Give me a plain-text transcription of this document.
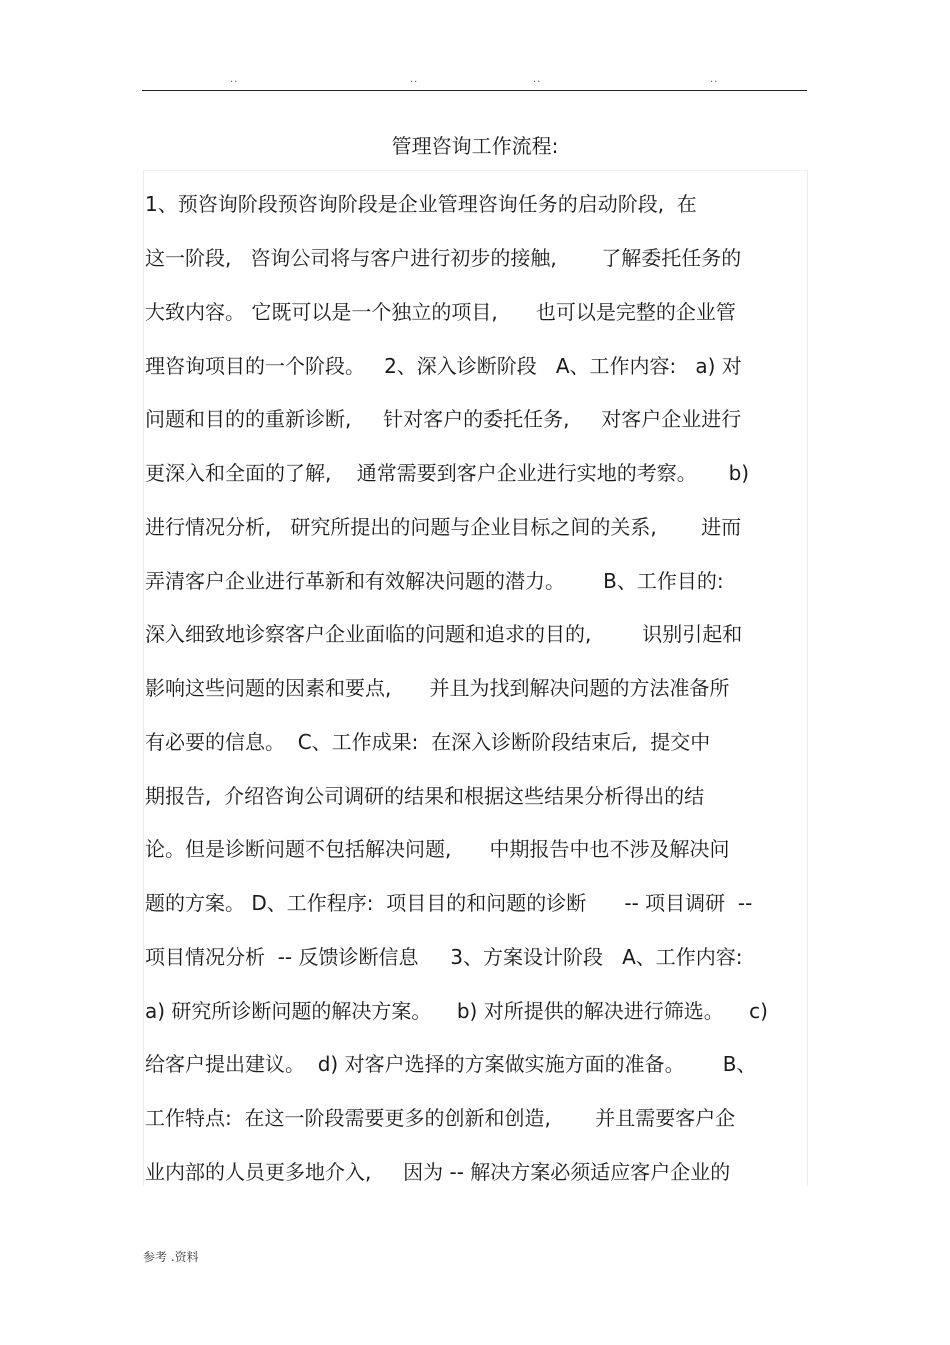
..	..	..	..
管理咨询工作流程:
1、预咨询阶段预咨询阶段是企业管理咨询任务的启动阶段,  在
这一阶段,   咨询公司将与客户进行初步的接触,       了解委托任务的
大致内容。 它既可以是一个独立的项目,      也可以是完整的企业管
理咨询项目的一个阶段。   2、深入诊断阶段   A、工作内容:   a) 对
问题和目的的重新诊断,     针对客户的委托任务,     对客户企业进行
更深入和全面的了解,    通常需要到客户企业进行实地的考察。     b)
进行情况分析,   研究所提出的问题与企业目标之间的关系,       进而
弄清客户企业进行革新和有效解决问题的潜力。      B、工作目的:
深入细致地诊察客户企业面临的问题和追求的目的,        识别引起和
影响这些问题的因素和要点,      并且为找到解决问题的方法准备所
有必要的信息。  C、工作成果:  在深入诊断阶段结束后,  提交中
期报告,  介绍咨询公司调研的结果和根据这些结果分析得出的结
论。但是诊断问题不包括解决问题,      中期报告中也不涉及解决问
题的方案。 D、工作程序:  项目目的和问题的诊断      -- 项目调研  --
项目情况分析  -- 反馈诊断信息     3、方案设计阶段   A、工作内容:
a) 研究所诊断问题的解决方案。    b) 对所提供的解决进行筛选。    c)
给客户提出建议。  d) 对客户选择的方案做实施方面的准备。      B、
工作特点:  在这一阶段需要更多的创新和创造,       并且需要客户企
业内部的人员更多地介入,     因为 -- 解决方案必须适应客户企业的
参考 .资料
